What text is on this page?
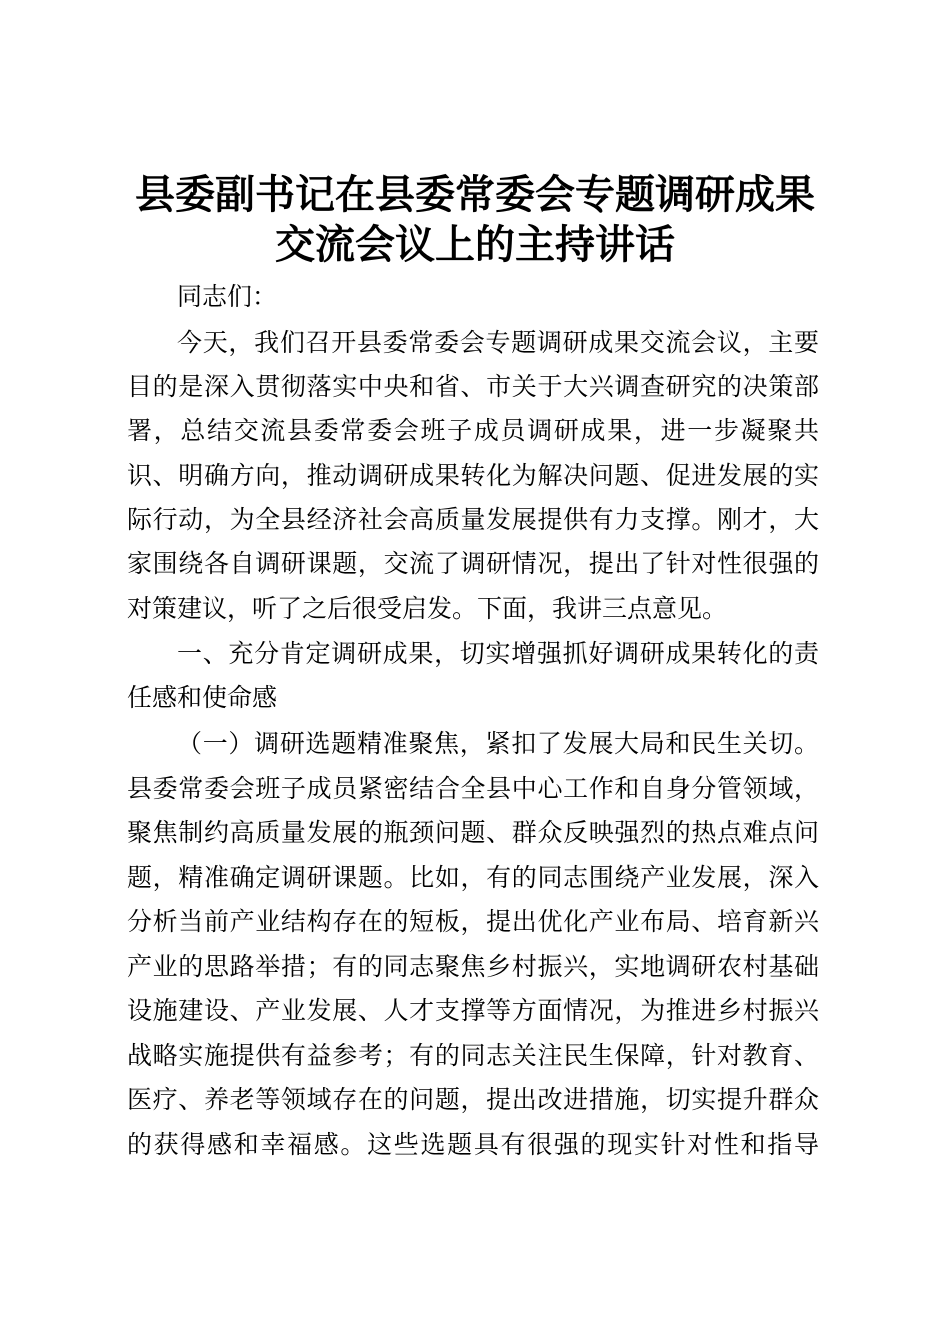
县委副书记在县委常委会专题调研成果
交流会议上的主持讲话
同志们：
今天，我们召开县委常委会专题调研成果交流会议，主要
目的是深入贯彻落实中央和省、市关于大兴调查研究的决策部
署，总结交流县委常委会班子成员调研成果，进一步凝聚共
识、明确方向，推动调研成果转化为解决问题、促进发展的实
际行动，为全县经济社会高质量发展提供有力支撑。刚才，大
家围绕各自调研课题，交流了调研情况，提出了针对性很强的
对策建议，听了之后很受启发。下面，我讲三点意见。
一、充分肯定调研成果，切实增强抓好调研成果转化的责
任感和使命感
（一）调研选题精准聚焦，紧扣了发展大局和民生关切。
县委常委会班子成员紧密结合全县中心工作和自身分管领域，
聚焦制约高质量发展的瓶颈问题、群众反映强烈的热点难点问
题，精准确定调研课题。比如，有的同志围绕产业发展，深入
分析当前产业结构存在的短板，提出优化产业布局、培育新兴
产业的思路举措；有的同志聚焦乡村振兴，实地调研农村基础
设施建设、产业发展、人才支撑等方面情况，为推进乡村振兴
战略实施提供有益参考；有的同志关注民生保障，针对教育、
医疗、养老等领域存在的问题，提出改进措施，切实提升群众
的获得感和幸福感。这些选题具有很强的现实针对性和指导
